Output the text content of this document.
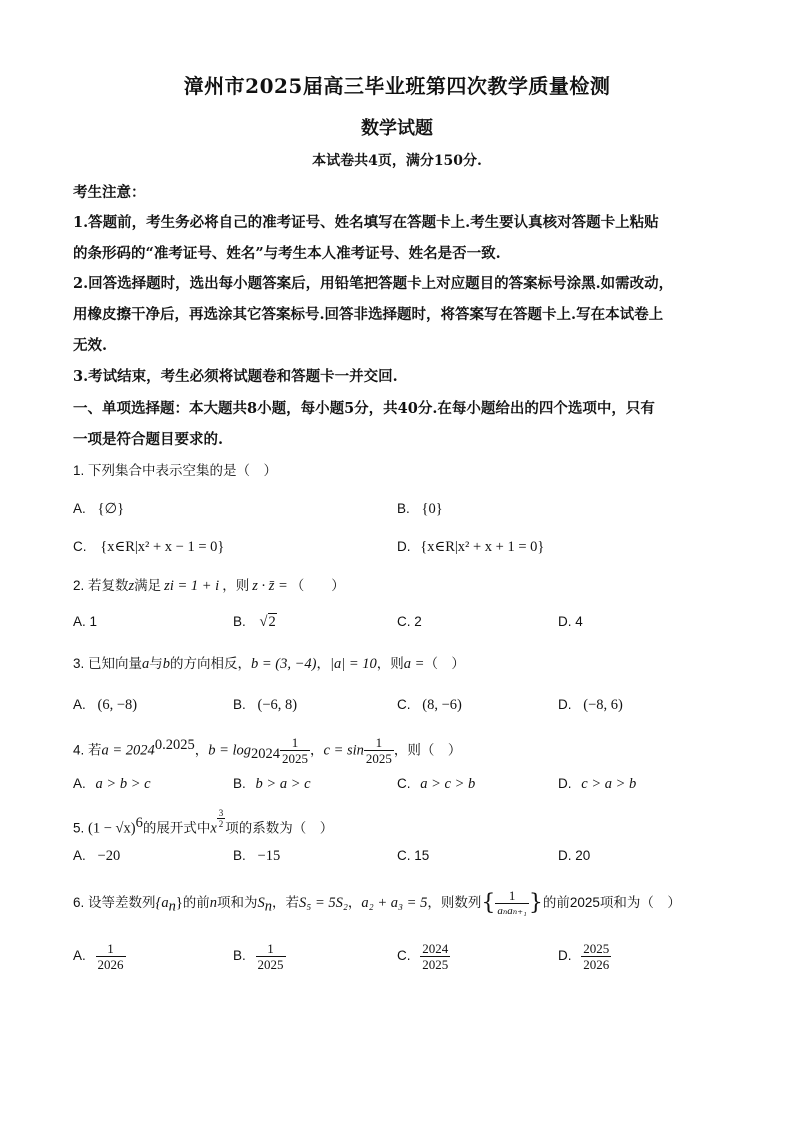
漳州市2025届高三毕业班第四次教学质量检测
数学试题
本试卷共4页，满分150分.
考生注意：
1.答题前，考生务必将自己的准考证号、姓名填写在答题卡上.考生要认真核对答题卡上粘贴
的条形码的“准考证号、姓名”与考生本人准考证号、姓名是否一致.
2.回答选择题时，选出每小题答案后，用铅笔把答题卡上对应题目的答案标号涂黑.如需改动，
用橡皮擦干净后，再选涂其它答案标号.回答非选择题时，将答案写在答题卡上.写在本试卷上
无效.
3.考试结束，考生必须将试题卷和答题卡一并交回.
一、单项选择题：本大题共8小题，每小题5分，共40分.在每小题给出的四个选项中，只有
一项是符合题目要求的.
1. 下列集合中表示空集的是（　）
A. {∅}	B. {0}
C. {x∈R|x² + x − 1 = 0}	D. {x∈R|x² + x + 1 = 0}
2. 若复数z满足 zi = 1 + i ，则 z · z̄ = （　　）
A. 1	B. √2	C. 2	D. 4
3. 已知向量a与b的方向相反，b = (3, −4)，|a| = 10，则a =（　）
A. (6, −8)	B. (−6, 8)	C. (8, −6)	D. (−8, 6)
4. 若$a = 2024^{0.2025}$，$b = \log_{2024} \frac{1}{2025}$ ，$c = \sin \frac{1}{2025}$ ，则（　）
A. a > b > c	B. b > a > c	C. a > c > b	D. c > a > b
5. $(1 - √x)^6$的展开式中x $\frac{3}{2}$ 项的系数为（　）
A. −20	B. −15	C. 15	D. 20
6. 设等差数列$\{a_n\}$的前n项和为$S_n$，若S₅ = 5S₂，a₂ + a₃ = 5，则数列{ $\frac{1}{\text{aₙaₙ₊₁}}$ }的前2025项和为（　）
A. $\frac{1}{2026}$	B. $\frac{1}{2025}$	C. $\frac{2024}{2025}$	D. $\frac{2025}{2026}$
